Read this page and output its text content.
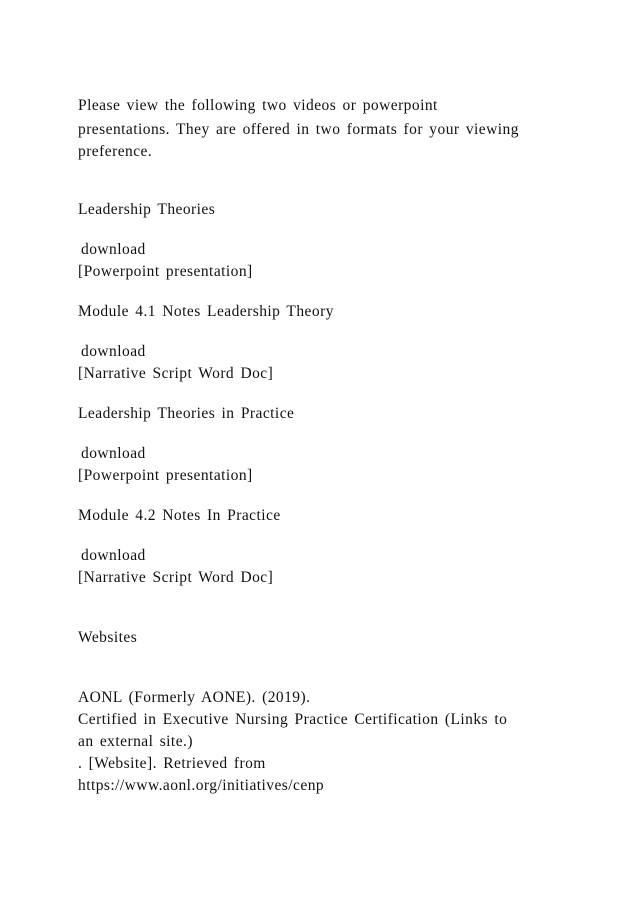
Please view the following two videos or powerpoint
presentations. They are offered in two formats for your viewing
preference.
Leadership Theories
download
[Powerpoint presentation]
Module 4.1 Notes Leadership Theory
download
[Narrative Script Word Doc]
Leadership Theories in Practice
download
[Powerpoint presentation]
Module 4.2 Notes In Practice
download
[Narrative Script Word Doc]
Websites
AONL (Formerly AONE). (2019).
Certified in Executive Nursing Practice Certification (Links to
an external site.)
. [Website]. Retrieved from
https://www.aonl.org/initiatives/cenp
